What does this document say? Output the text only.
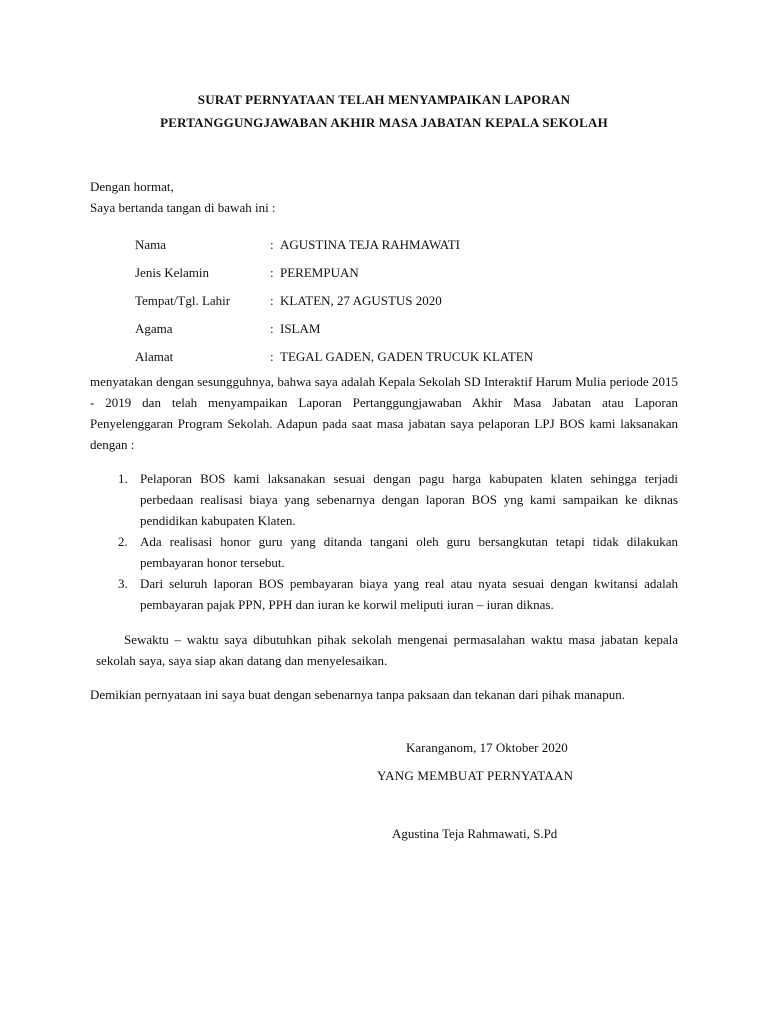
SURAT PERNYATAAN TELAH MENYAMPAIKAN LAPORAN
PERTANGGUNGJAWABAN AKHIR MASA JABATAN KEPALA SEKOLAH
Dengan hormat,
Saya bertanda tangan di bawah ini :
Nama	: AGUSTINA TEJA RAHMAWATI
Jenis Kelamin	: PEREMPUAN
Tempat/Tgl. Lahir	: KLATEN, 27 AGUSTUS 2020
Agama	: ISLAM
Alamat	: TEGAL GADEN, GADEN TRUCUK KLATEN
menyatakan dengan sesungguhnya, bahwa saya adalah Kepala Sekolah SD Interaktif Harum Mulia periode 2015 - 2019 dan telah menyampaikan Laporan Pertanggungjawaban Akhir Masa Jabatan atau Laporan Penyelenggaran Program Sekolah. Adapun pada saat masa jabatan saya pelaporan LPJ BOS kami laksanakan dengan :
1. Pelaporan BOS kami laksanakan sesuai dengan pagu harga kabupaten klaten sehingga terjadi perbedaan realisasi biaya yang sebenarnya dengan laporan BOS yng kami sampaikan ke diknas pendidikan kabupaten Klaten.
2. Ada realisasi honor guru yang ditanda tangani oleh guru bersangkutan tetapi tidak dilakukan pembayaran honor tersebut.
3. Dari seluruh laporan BOS pembayaran biaya yang real atau nyata sesuai dengan kwitansi adalah pembayaran pajak PPN, PPH dan iuran ke korwil meliputi iuran – iuran diknas.
Sewaktu – waktu saya dibutuhkan pihak sekolah mengenai permasalahan waktu masa jabatan kepala sekolah saya, saya siap akan datang dan menyelesaikan.
Demikian pernyataan ini saya buat dengan sebenarnya tanpa paksaan dan tekanan dari pihak manapun.
Karanganom, 17 Oktober 2020
YANG MEMBUAT PERNYATAAN
Agustina Teja Rahmawati, S.Pd
